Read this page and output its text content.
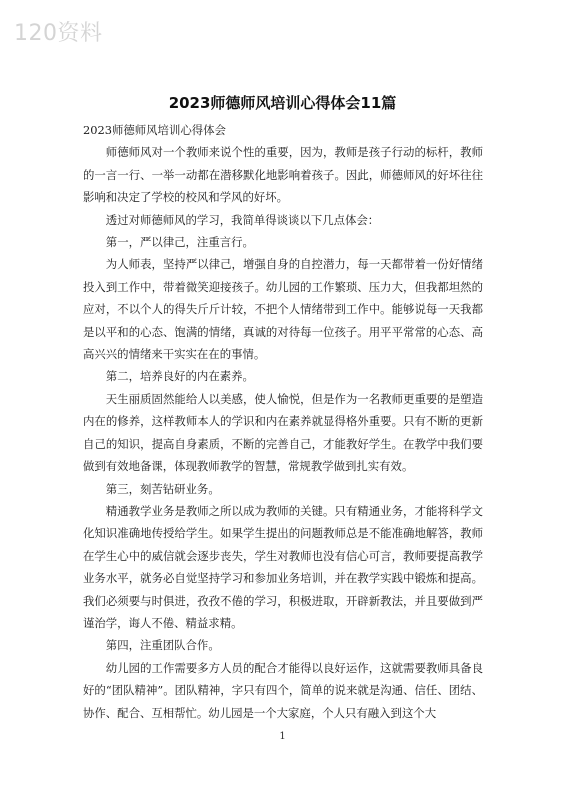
120资料
2023师德师风培训心得体会11篇

2023师德师风培训心得体会

师德师风对一个教师来说个性的重要，因为，教师是孩子行动的标杆，教师的一言一行、一举一动都在潜移默化地影响着孩子。因此，师德师风的好坏往往影响和决定了学校的校风和学风的好坏。

透过对师德师风的学习，我简单得谈谈以下几点体会：

第一，严以律己，注重言行。

为人师表，坚持严以律己，增强自身的自控潜力，每一天都带着一份好情绪投入到工作中，带着微笑迎接孩子。幼儿园的工作繁琐、压力大，但我都坦然的应对，不以个人的得失斤斤计较，不把个人情绪带到工作中。能够说每一天我都是以平和的心态、饱满的情绪，真诚的对待每一位孩子。用平平常常的心态、高高兴兴的情绪来干实实在在的事情。

第二，培养良好的内在素养。

天生丽质固然能给人以美感，使人愉悦，但是作为一名教师更重要的是塑造内在的修养，这样教师本人的学识和内在素养就显得格外重要。只有不断的更新自己的知识，提高自身素质，不断的完善自己，才能教好学生。在教学中我们要做到有效地备课，体现教师教学的智慧，常规教学做到扎实有效。

第三，刻苦钻研业务。

精通教学业务是教师之所以成为教师的关键。只有精通业务，才能将科学文化知识准确地传授给学生。如果学生提出的问题教师总是不能准确地解答，教师在学生心中的威信就会逐步丧失，学生对教师也没有信心可言，教师要提高教学业务水平，就务必自觉坚持学习和参加业务培训，并在教学实践中锻炼和提高。我们必须要与时俱进，孜孜不倦的学习，积极进取，开辟新教法，并且要做到严谨治学，诲人不倦、精益求精。

第四，注重团队合作。

幼儿园的工作需要多方人员的配合才能得以良好运作，这就需要教师具备良好的“团队精神”。团队精神，字只有四个，简单的说来就是沟通、信任、团结、协作、配合、互相帮忙。幼儿园是一个大家庭，个人只有融入到这个大

1
